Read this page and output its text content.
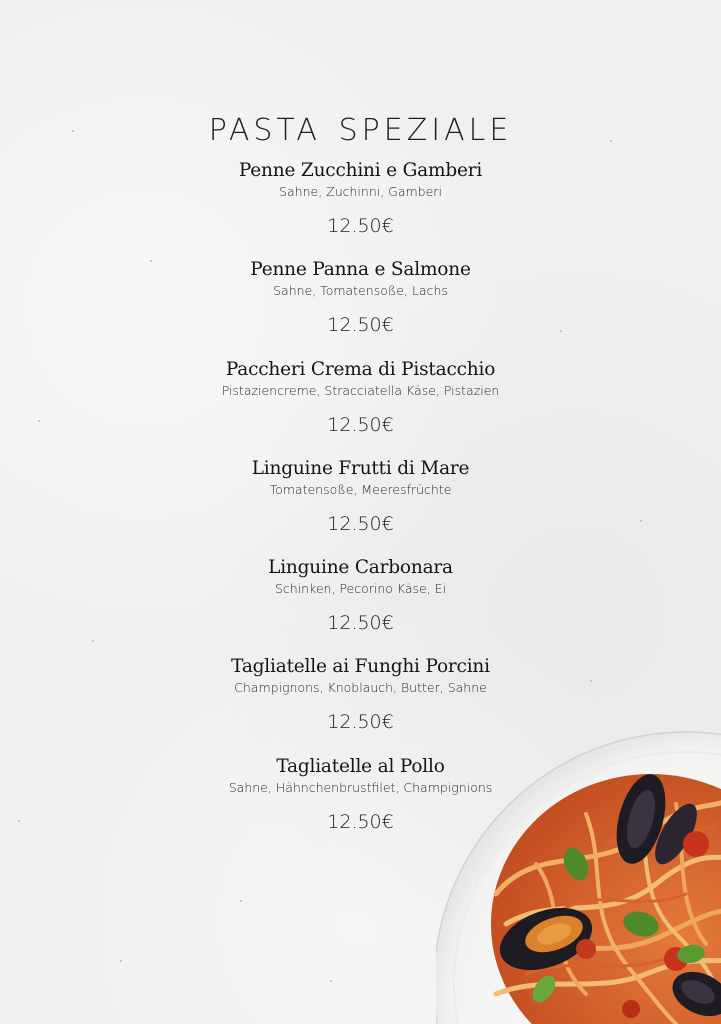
pasta speziale
Penne Zucchini e Gamberi
Sahne, Zuchinni, Gamberi
12.50€
Penne Panna e Salmone
Sahne, Tomatensoße, Lachs
12.50€
Paccheri Crema di Pistacchio
Pistaziencreme, Stracciatella Käse, Pistazien
12.50€
Linguine Frutti di Mare
Tomatensoße, Meeresfrüchte
12.50€
Linguine Carbonara
Schinken, Pecorino Käse, Ei
12.50€
Tagliatelle ai Funghi Porcini
Champignons, Knoblauch, Butter, Sahne
12.50€
Tagliatelle al Pollo
Sahne, Hähnchenbrustfilet, Champignions
12.50€
